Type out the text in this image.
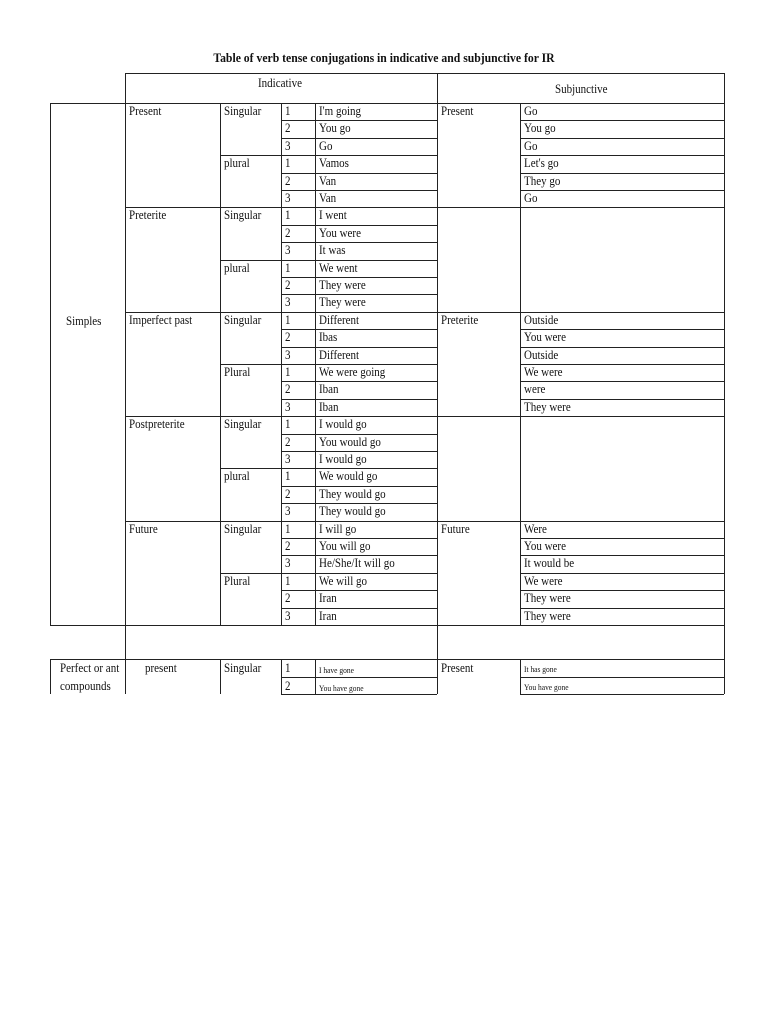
Table of verb tense conjugations in indicative and subjunctive for IR
Indicative	Subjunctive
Present	Singular 1 I'm going	Present	Go
2 You go	You go
3 Go	Go
plural	1 Vamos	Let's go
2 Van	They go
3 Van	Go
Preterite	Singular 1 I went
2 You were
3 It was
plural	1 We went
2 They were
3 They were
Imperfect past	Singular 1 Different	Preterite	Outside
2 Ibas	You were
3 Different	Outside
Plural	1 We were going	We were
2 Iban	were
3 Iban	They were
Postpreterite	Singular 1 I would go
2 You would go
3 I would go
plural	1 We would go
2 They would go
3 They would go
Future	Singular 1 I will go	Future	Were
2 You will go	You were
3 He/She/It will go	It would be
Plural	1 We will go	We were
2 Iran	They were
3 Iran	They were
Simples
present	Singular 1	I have gone	Present	It has gone
2	You have gone	You have gone
Perfect or ant
compounds
